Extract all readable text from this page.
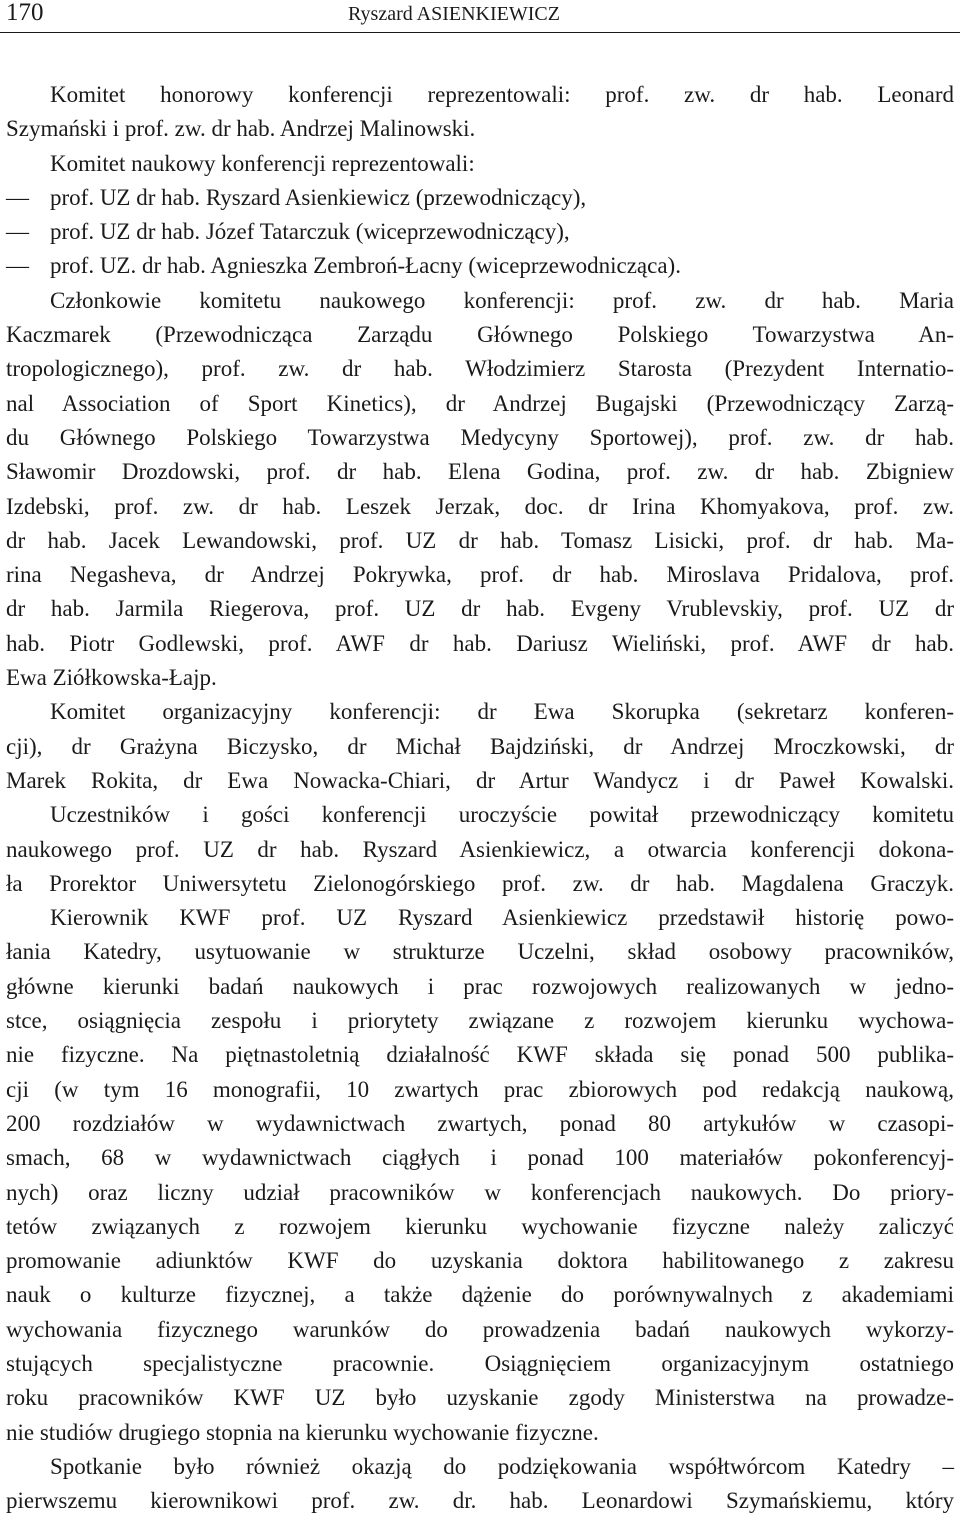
170	Ryszard ASIENKIEWICZ
Komitet honorowy konferencji reprezentowali: prof. zw. dr hab. Leonard
Szymański i prof. zw. dr hab. Andrzej Malinowski.
Komitet naukowy konferencji reprezentowali:
— prof. UZ dr hab. Ryszard Asienkiewicz (przewodniczący),
— prof. UZ dr hab. Józef Tatarczuk (wiceprzewodniczący),
— prof. UZ. dr hab. Agnieszka Zembroń-Łacny (wiceprzewodnicząca).
Członkowie komitetu naukowego konferencji: prof. zw. dr hab. Maria
Kaczmarek (Przewodnicząca Zarządu Głównego Polskiego Towarzystwa An-
tropologicznego), prof. zw. dr hab. Włodzimierz Starosta (Prezydent Internatio-
nal Association of Sport Kinetics), dr Andrzej Bugajski (Przewodniczący Zarzą-
du Głównego Polskiego Towarzystwa Medycyny Sportowej), prof. zw. dr hab.
Sławomir Drozdowski, prof. dr hab. Elena Godina, prof. zw. dr hab. Zbigniew
Izdebski, prof. zw. dr hab. Leszek Jerzak, doc. dr Irina Khomyakova, prof. zw.
dr hab. Jacek Lewandowski, prof. UZ dr hab. Tomasz Lisicki, prof. dr hab. Ma-
rina Negasheva, dr Andrzej Pokrywka, prof. dr hab. Miroslava Pridalova, prof.
dr hab. Jarmila Riegerova, prof. UZ dr hab. Evgeny Vrublevskiy, prof. UZ dr
hab. Piotr Godlewski, prof. AWF dr hab. Dariusz Wieliński, prof. AWF dr hab.
Ewa Ziółkowska-Łajp.
Komitet organizacyjny konferencji: dr Ewa Skorupka (sekretarz konferen-
cji), dr Grażyna Biczysko, dr Michał Bajdziński, dr Andrzej Mroczkowski, dr
Marek Rokita, dr Ewa Nowacka-Chiari, dr Artur Wandycz i dr Paweł Kowalski.
Uczestników i gości konferencji uroczyście powitał przewodniczący komitetu
naukowego prof. UZ dr hab. Ryszard Asienkiewicz, a otwarcia konferencji dokona-
ła Prorektor Uniwersytetu Zielonogórskiego prof. zw. dr hab. Magdalena Graczyk.
Kierownik KWF prof. UZ Ryszard Asienkiewicz przedstawił historię powo-
łania Katedry, usytuowanie w strukturze Uczelni, skład osobowy pracowników,
główne kierunki badań naukowych i prac rozwojowych realizowanych w jedno-
stce, osiągnięcia zespołu i priorytety związane z rozwojem kierunku wychowa-
nie fizyczne. Na piętnastoletnią działalność KWF składa się ponad 500 publika-
cji (w tym 16 monografii, 10 zwartych prac zbiorowych pod redakcją naukową,
200 rozdziałów w wydawnictwach zwartych, ponad 80 artykułów w czasopi-
smach, 68 w wydawnictwach ciągłych i ponad 100 materiałów pokonferencyj-
nych) oraz liczny udział pracowników w konferencjach naukowych. Do priory-
tetów związanych z rozwojem kierunku wychowanie fizyczne należy zaliczyć
promowanie adiunktów KWF do uzyskania doktora habilitowanego z zakresu
nauk o kulturze fizycznej, a także dążenie do porównywalnych z akademiami
wychowania fizycznego warunków do prowadzenia badań naukowych wykorzy-
stujących specjalistyczne pracownie. Osiągnięciem organizacyjnym ostatniego
roku pracowników KWF UZ było uzyskanie zgody Ministerstwa na prowadze-
nie studiów drugiego stopnia na kierunku wychowanie fizyczne.
Spotkanie było również okazją do podziękowania współtwórcom Katedry –
pierwszemu kierownikowi prof. zw. dr. hab. Leonardowi Szymańskiemu, który
